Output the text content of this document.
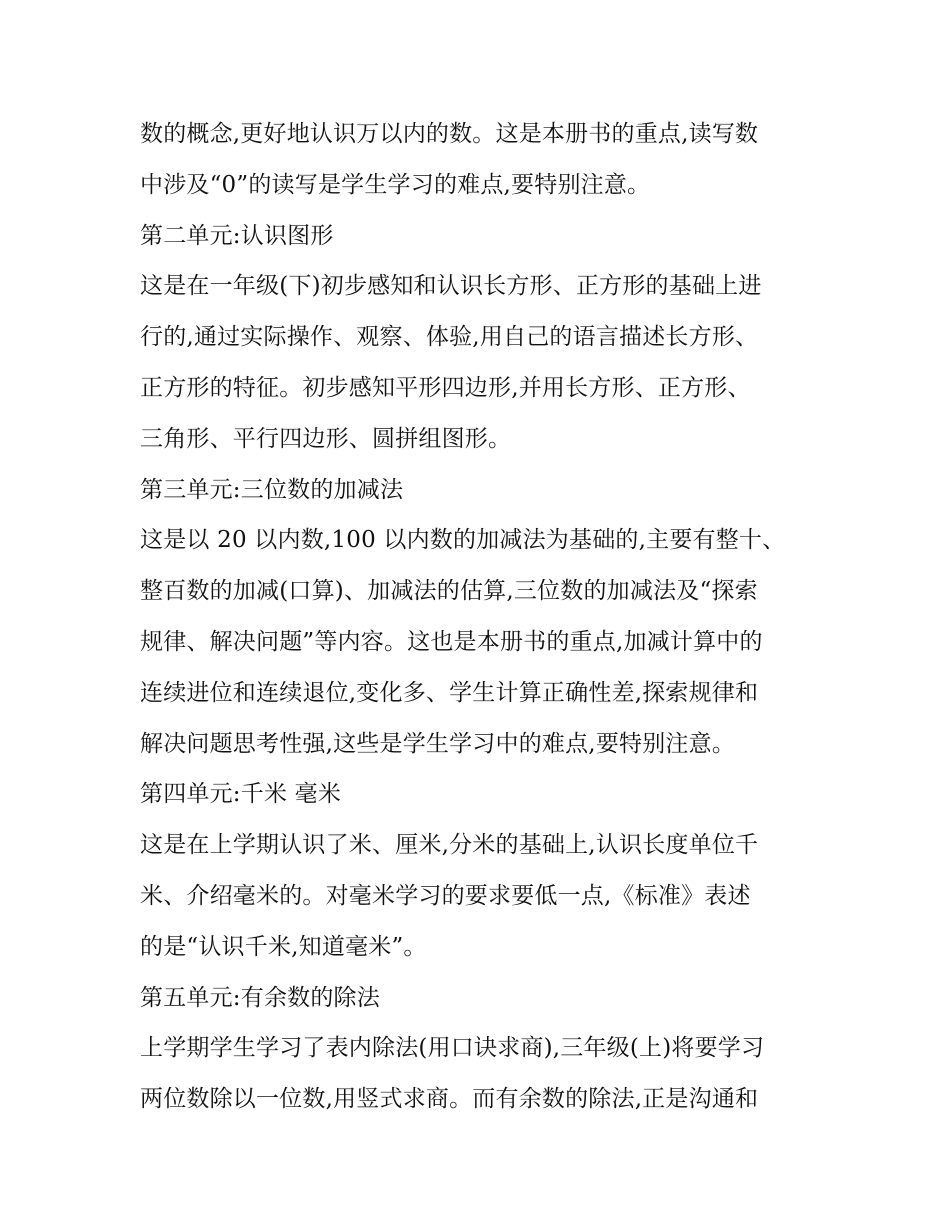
数的概念,更好地认识万以内的数。这是本册书的重点,读写数
中涉及“0”的读写是学生学习的难点,要特别注意。
第二单元:认识图形
这是在一年级(下)初步感知和认识长方形、正方形的基础上进
行的,通过实际操作、观察、体验,用自己的语言描述长方形、
正方形的特征。初步感知平形四边形,并用长方形、正方形、
三角形、平行四边形、圆拼组图形。
第三单元:三位数的加减法
这是以 20 以内数,100 以内数的加减法为基础的,主要有整十、
整百数的加减(口算)、加减法的估算,三位数的加减法及“探索
规律、解决问题”等内容。这也是本册书的重点,加减计算中的
连续进位和连续退位,变化多、学生计算正确性差,探索规律和
解决问题思考性强,这些是学生学习中的难点,要特别注意。
第四单元:千米 毫米
这是在上学期认识了米、厘米,分米的基础上,认识长度单位千
米、介绍毫米的。对毫米学习的要求要低一点,《标准》表述
的是“认识千米,知道毫米”。
第五单元:有余数的除法
上学期学生学习了表内除法(用口诀求商),三年级(上)将要学习
两位数除以一位数,用竖式求商。而有余数的除法,正是沟通和
